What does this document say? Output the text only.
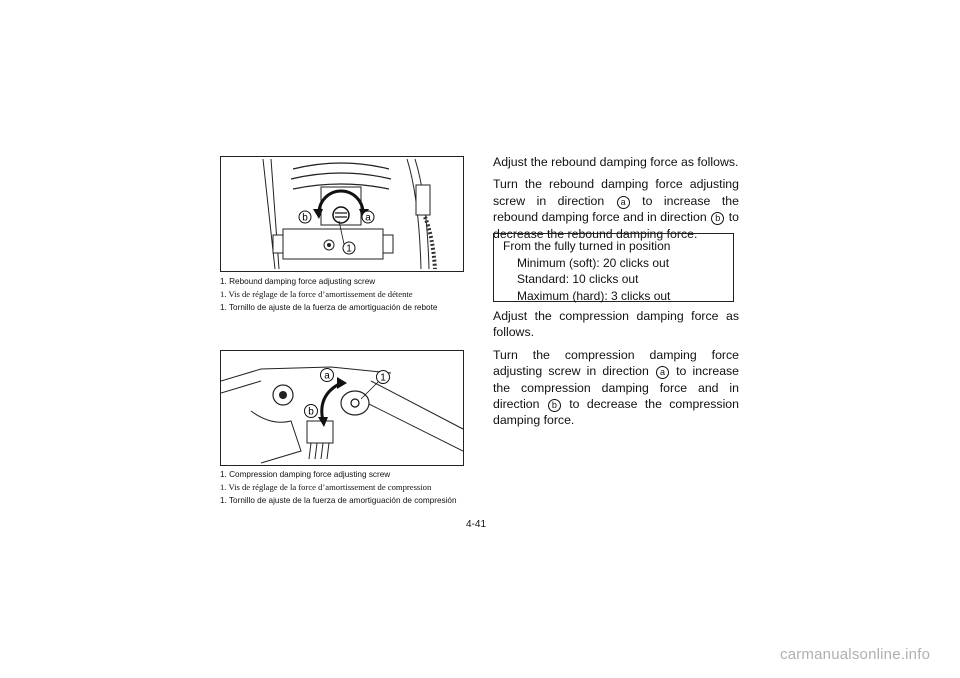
b	a
1
1. Rebound damping force adjusting screw
1. Vis de réglage de la force d’amortissement de détente
1. Tornillo de ajuste de la fuerza de amortiguación de rebote
a
b
1
1. Compression damping force adjusting screw
1. Vis de réglage de la force d’amortissement de compression
1. Tornillo de ajuste de la fuerza de amortiguación de compresión

Adjust the rebound damping force as follows.

Turn the rebound damping force adjusting screw in direction a to increase the rebound damping force and in direction b to decrease the rebound damping force.

From the fully turned in position
Minimum (soft): 20 clicks out
Standard: 10 clicks out
Maximum (hard): 3 clicks out

Adjust the compression damping force as follows.

Turn the compression damping force adjusting screw in direction a to increase the compression damping force and in direction b to decrease the compression damping force.

4-41
carmanualsonline.info
